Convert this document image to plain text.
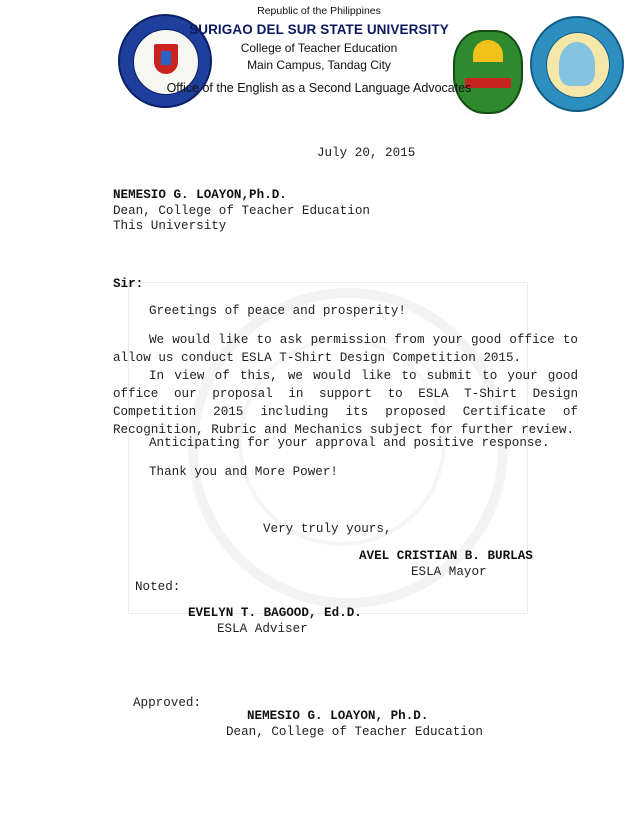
Republic of the Philippines
SURIGAO DEL SUR STATE UNIVERSITY
College of Teacher Education
Main Campus, Tandag City
Office of the English as a Second Language Advocates
July 20, 2015
NEMESIO G. LOAYON,Ph.D.
Dean, College of Teacher Education
This University
Sir:
Greetings of peace and prosperity!
We would like to ask permission from your good office to
allow us conduct ESLA T-Shirt Design Competition 2015.
In view of this, we would like to submit to your good
office our proposal in support to ESLA T-Shirt Design
Competition 2015 including its proposed Certificate of
Recognition, Rubric and Mechanics subject for further review.
Anticipating for your approval and positive response.
Thank you and More Power!
Very truly yours,
AVEL CRISTIAN B. BURLAS
ESLA Mayor
Noted:
EVELYN T. BAGOOD, Ed.D.
ESLA Adviser
Approved:
NEMESIO G. LOAYON, Ph.D.
Dean, College of Teacher Education
